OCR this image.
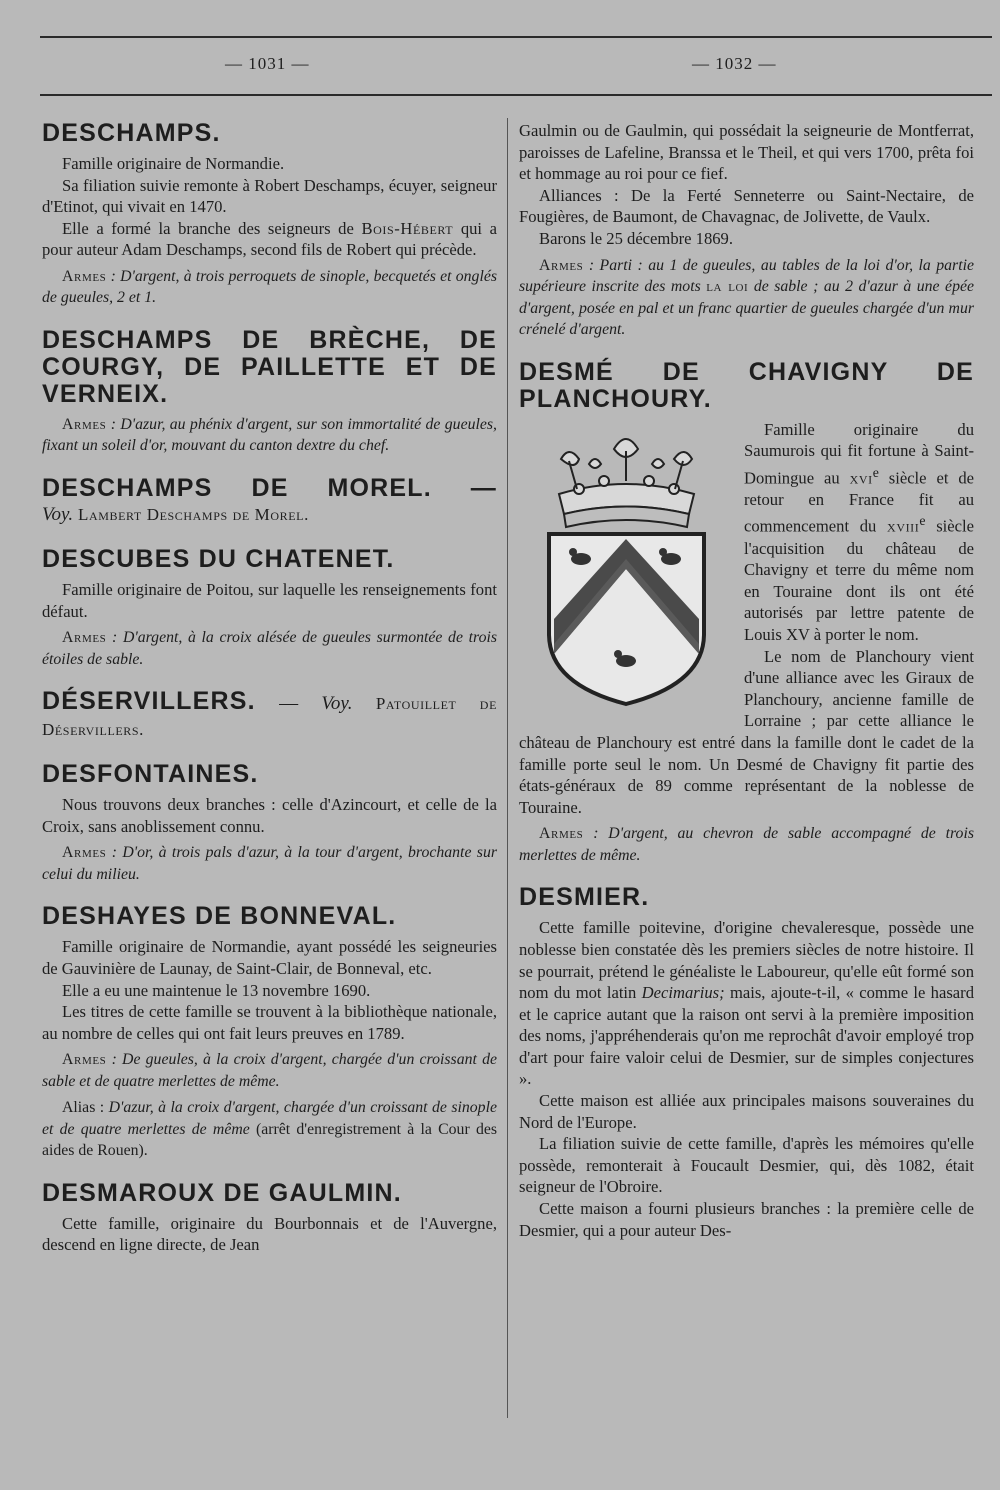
— 1031 —	— 1032 —
DESCHAMPS.

Famille originaire de Normandie.

Sa filiation suivie remonte à Robert Deschamps, écuyer, seigneur d'Etinot, qui vivait en 1470.

Elle a formé la branche des seigneurs de Bois-Hébert qui a pour auteur Adam Deschamps, second fils de Robert qui précède.

Armes : D'argent, à trois perroquets de sinople, becquetés et onglés de gueules, 2 et 1.

DESCHAMPS DE BRÈCHE, DE COURGY, DE PAILLETTE ET DE VERNEIX.

Armes : D'azur, au phénix d'argent, sur son immortalité de gueules, fixant un soleil d'or, mouvant du canton dextre du chef.

DESCHAMPS DE MOREL. —
Voy. Lambert Deschamps de Morel.
DESCUBES DU CHATENET.

Famille originaire de Poitou, sur laquelle les renseignements font défaut.

Armes : D'argent, à la croix alésée de gueules surmontée de trois étoiles de sable.

DÉSERVILLERS. — Voy. Patouillet de Déservillers.
DESFONTAINES.

Nous trouvons deux branches : celle d'Azincourt, et celle de la Croix, sans anoblissement connu.

Armes : D'or, à trois pals d'azur, à la tour d'argent, brochante sur celui du milieu.

DESHAYES DE BONNEVAL.

Famille originaire de Normandie, ayant possédé les seigneuries de Gauvinière de Launay, de Saint-Clair, de Bonneval, etc.

Elle a eu une maintenue le 13 novembre 1690.

Les titres de cette famille se trouvent à la bibliothèque nationale, au nombre de celles qui ont fait leurs preuves en 1789.

Armes : De gueules, à la croix d'argent, chargée d'un croissant de sable et de quatre merlettes de même.

Alias : D'azur, à la croix d'argent, chargée d'un croissant de sinople et de quatre merlettes de même (arrêt d'enregistrement à la Cour des aides de Rouen).

DESMAROUX DE GAULMIN.

Cette famille, originaire du Bourbonnais et de l'Auvergne, descend en ligne directe, de Jean

Gaulmin ou de Gaulmin, qui possédait la seigneurie de Montferrat, paroisses de Lafeline, Branssa et le Theil, et qui vers 1700, prêta foi et hommage au roi pour ce fief.

Alliances : De la Ferté Senneterre ou Saint-Nectaire, de Fougières, de Baumont, de Chavagnac, de Jolivette, de Vaulx.

Barons le 25 décembre 1869.

Armes : Parti : au 1 de gueules, au tables de la loi d'or, la partie supérieure inscrite des mots la loi de sable ; au 2 d'azur à une épée d'argent, posée en pal et un franc quartier de gueules chargée d'un mur crénelé d'argent.

DESMÉ DE CHAVIGNY DE PLANCHOURY.

Famille originaire du Saumurois qui fit fortune à Saint-Domingue au xvi$^e$ siècle et de retour en France fit au commencement du xviii$^e$ siècle l'acquisition du château de Chavigny et terre du même nom en Touraine dont ils ont été autorisés par lettre patente de Louis XV à porter le nom.

Le nom de Planchoury vient d'une alliance avec les Giraux de Planchoury, ancienne famille de Lorraine ; par cette alliance le château de Planchoury est entré dans la famille dont le cadet de la famille porte seul le nom. Un Desmé de Chavigny fit partie des états-généraux de 89 comme représentant de la noblesse de Touraine.

Armes : D'argent, au chevron de sable accompagné de trois merlettes de même.

DESMIER.

Cette famille poitevine, d'origine chevaleresque, possède une noblesse bien constatée dès les premiers siècles de notre histoire. Il se pourrait, prétend le généaliste le Laboureur, qu'elle eût formé son nom du mot latin Decimarius; mais, ajoute-t-il, « comme le hasard et le caprice autant que la raison ont servi à la première imposition des noms, j'appréhenderais qu'on me reprochât d'avoir employé trop d'art pour faire valoir celui de Desmier, sur de simples conjectures ».

Cette maison est alliée aux principales maisons souveraines du Nord de l'Europe.

La filiation suivie de cette famille, d'après les mémoires qu'elle possède, remonterait à Foucault Desmier, qui, dès 1082, était seigneur de l'Obroire.

Cette maison a fourni plusieurs branches : la première celle de Desmier, qui a pour auteur Des-
